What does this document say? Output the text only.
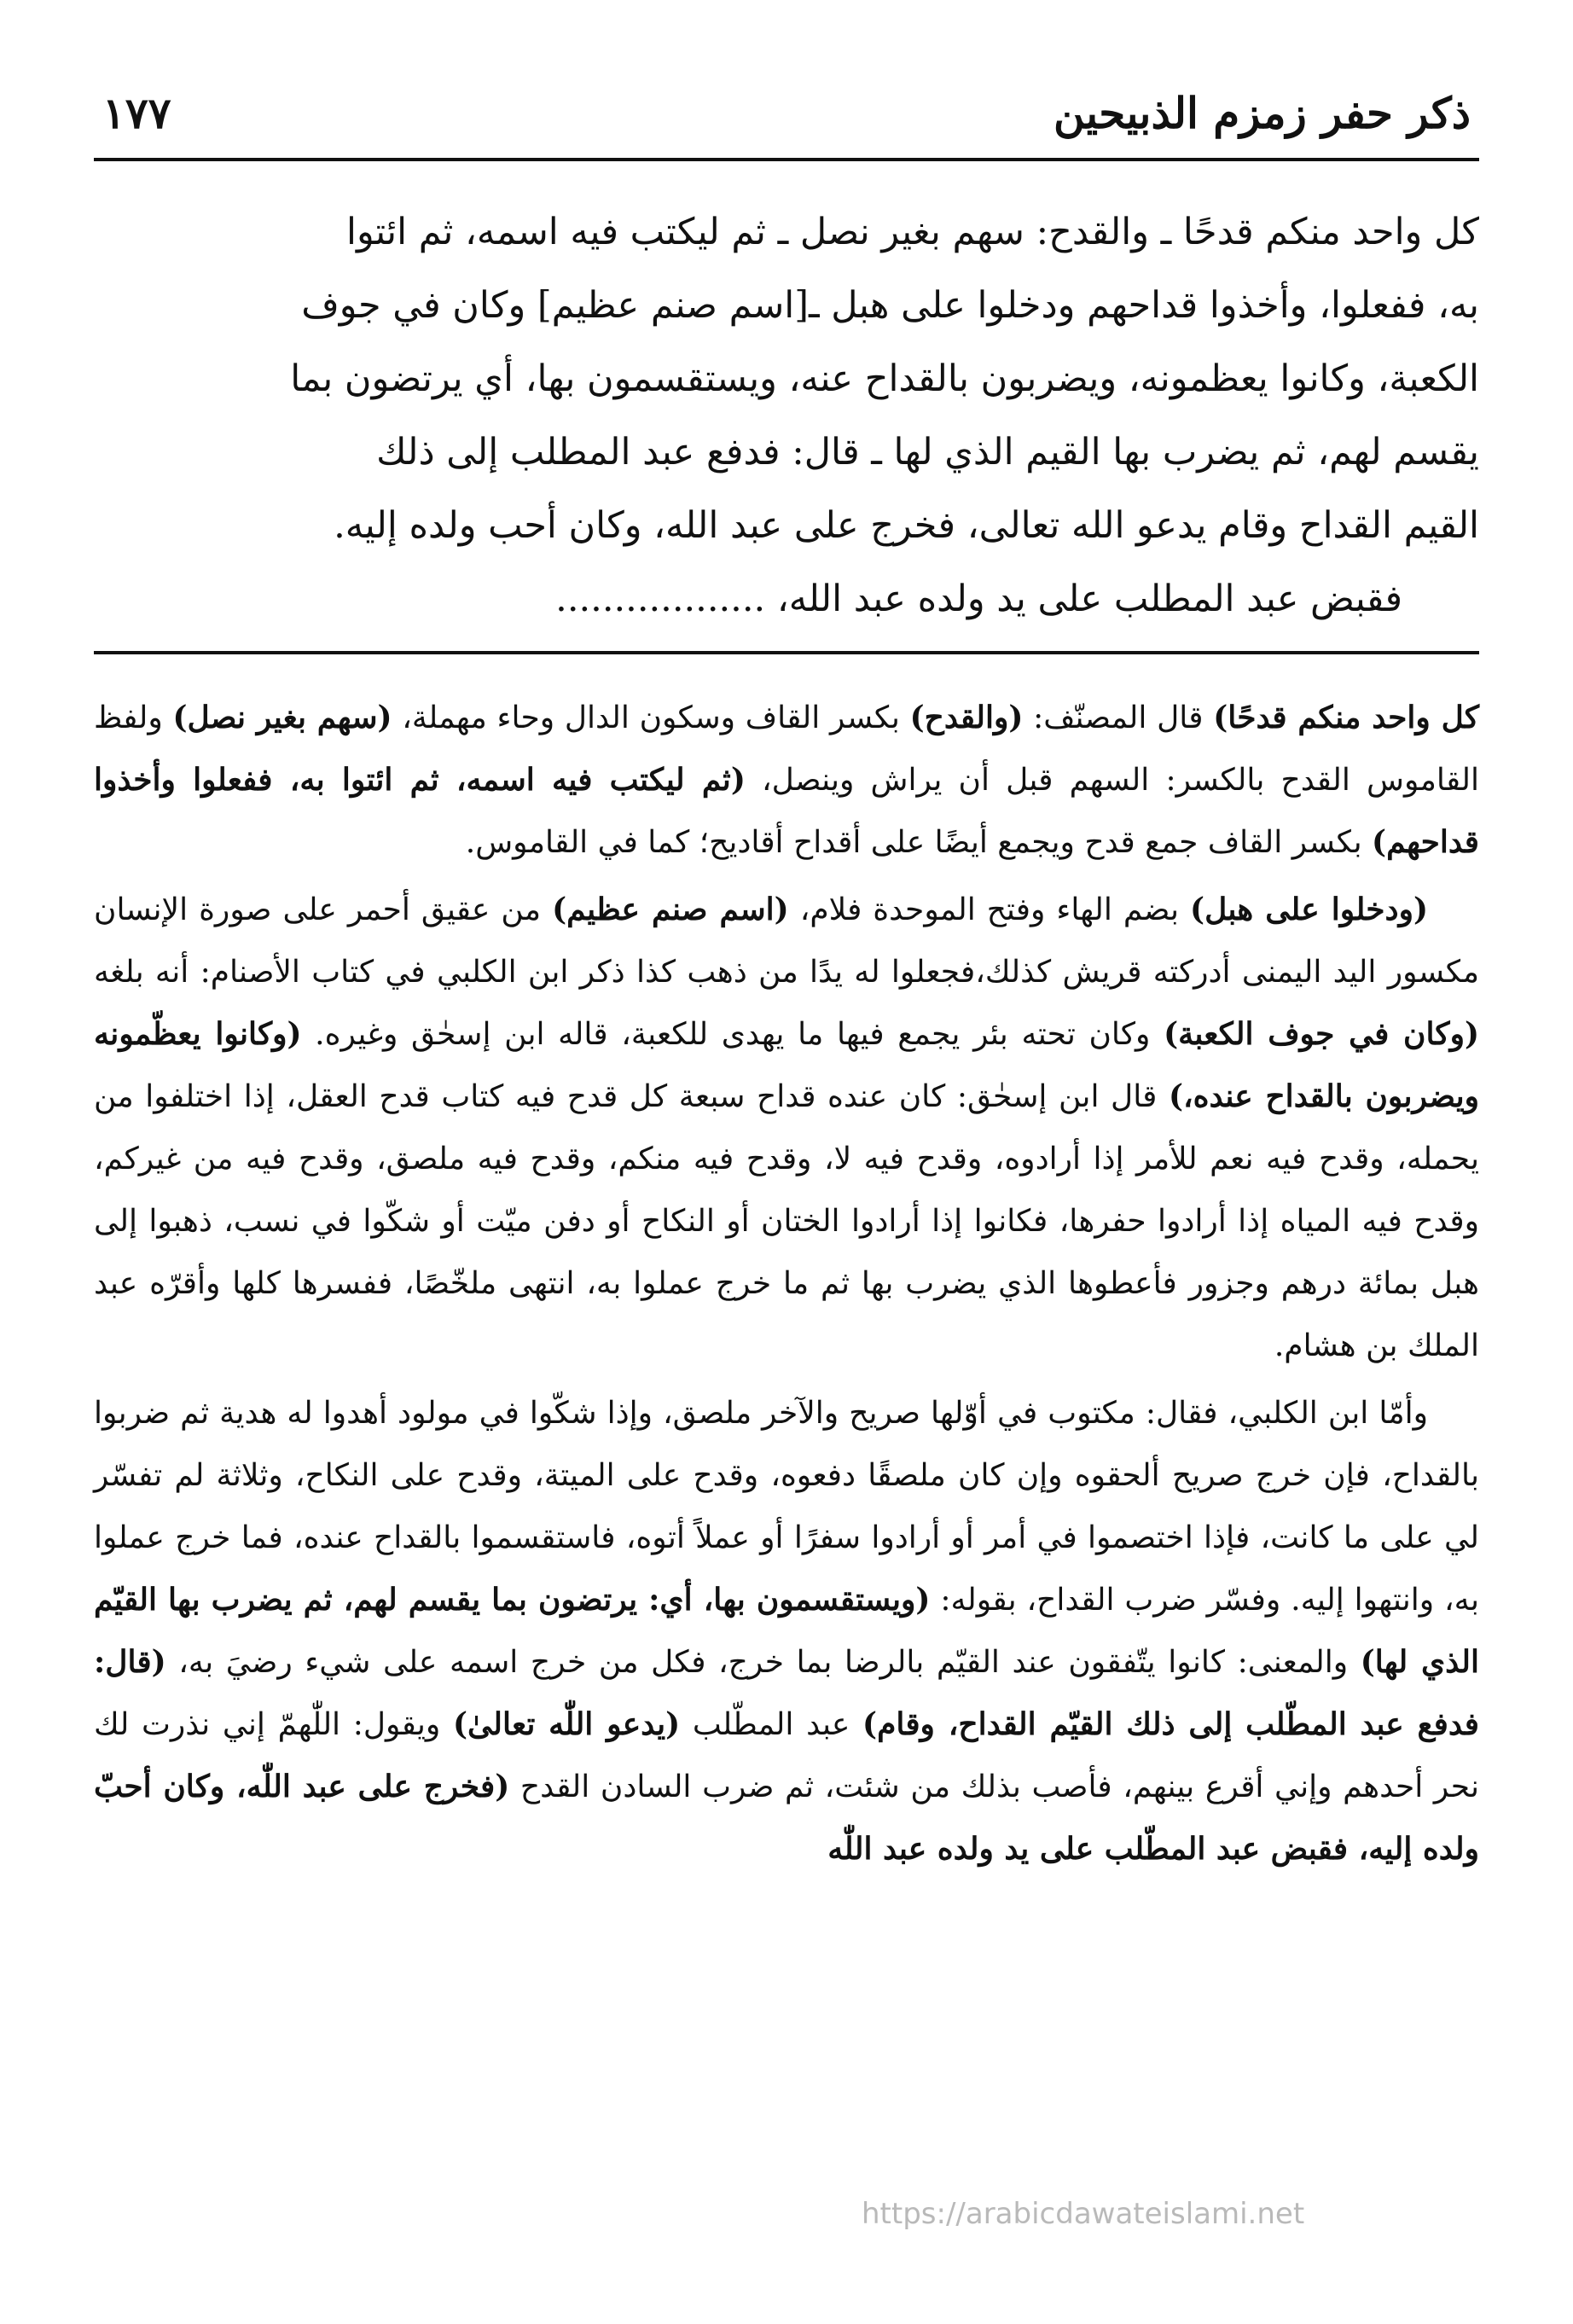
ذكر حفر زمزم الذبيحين
١٧٧
كل واحد منكم قدحًا ـ والقدح: سهم بغير نصل ـ ثم ليكتب فيه اسمه، ثم ائتوا
به، ففعلوا، وأخذوا قداحهم ودخلوا على هبل ـ[اسم صنم عظيم] وكان في جوف
الكعبة، وكانوا يعظمونه، ويضربون بالقداح عنه، ويستقسمون بها، أي يرتضون بما
يقسم لهم، ثم يضرب بها القيم الذي لها ـ قال: فدفع عبد المطلب إلى ذلك
القيم القداح وقام يدعو الله تعالى، فخرج على عبد الله، وكان أحب ولده إليه.
فقبض عبد المطلب على يد ولده عبد الله، ..................

كل واحد منكم قدحًا) قال المصنّف: (والقدح) بكسر القاف وسكون الدال وحاء مهملة، (سهم بغير نصل) ولفظ القاموس القدح بالكسر: السهم قبل أن يراش وينصل، (ثم ليكتب فيه اسمه، ثم ائتوا به، ففعلوا وأخذوا قداحهم) بكسر القاف جمع قدح ويجمع أيضًا على أقداح أقاديح؛ كما في القاموس.

(ودخلوا على هبل) بضم الهاء وفتح الموحدة فلام، (اسم صنم عظيم) من عقيق أحمر على صورة الإنسان مكسور اليد اليمنى أدركته قريش كذلك،فجعلوا له يدًا من ذهب كذا ذكر ابن الكلبي في كتاب الأصنام: أنه بلغه (وكان في جوف الكعبة) وكان تحته بئر يجمع فيها ما يهدى للكعبة، قاله ابن إسحٰق وغيره. (وكانوا يعظّمونه ويضربون بالقداح عنده،) قال ابن إسحٰق: كان عنده قداح سبعة كل قدح فيه كتاب قدح العقل، إذا اختلفوا من يحمله، وقدح فيه نعم للأمر إذا أرادوه، وقدح فيه لا، وقدح فيه منكم، وقدح فيه ملصق، وقدح فيه من غيركم، وقدح فيه المياه إذا أرادوا حفرها، فكانوا إذا أرادوا الختان أو النكاح أو دفن ميّت أو شكّوا في نسب، ذهبوا إلى هبل بمائة درهم وجزور فأعطوها الذي يضرب بها ثم ما خرج عملوا به، انتهى ملخّصًا، ففسرها كلها وأقرّه عبد الملك بن هشام.

وأمّا ابن الكلبي، فقال: مكتوب في أوّلها صريح والآخر ملصق، وإذا شكّوا في مولود أهدوا له هدية ثم ضربوا بالقداح، فإن خرج صريح ألحقوه وإن كان ملصقًا دفعوه، وقدح على الميتة، وقدح على النكاح، وثلاثة لم تفسّر لي على ما كانت، فإذا اختصموا في أمر أو أرادوا سفرًا أو عملاً أتوه، فاستقسموا بالقداح عنده، فما خرج عملوا به، وانتهوا إليه. وفسّر ضرب القداح، بقوله: (ويستقسمون بها، أي: يرتضون بما يقسم لهم، ثم يضرب بها القيّم الذي لها) والمعنى: كانوا يتّفقون عند القيّم بالرضا بما خرج، فكل من خرج اسمه على شيء رضيَ به، (قال: فدفع عبد المطّلب إلى ذلك القيّم القداح، وقام) عبد المطّلب (يدعو اللّٰه تعالىٰ) ويقول: اللّٰهمّ إني نذرت لك نحر أحدهم وإني أقرع بينهم، فأصب بذلك من شئت، ثم ضرب السادن القدح (فخرج على عبد اللّٰه، وكان أحبّ ولده إليه، فقبض عبد المطّلب على يد ولده عبد اللّٰه

https://arabicdawateislami.net
